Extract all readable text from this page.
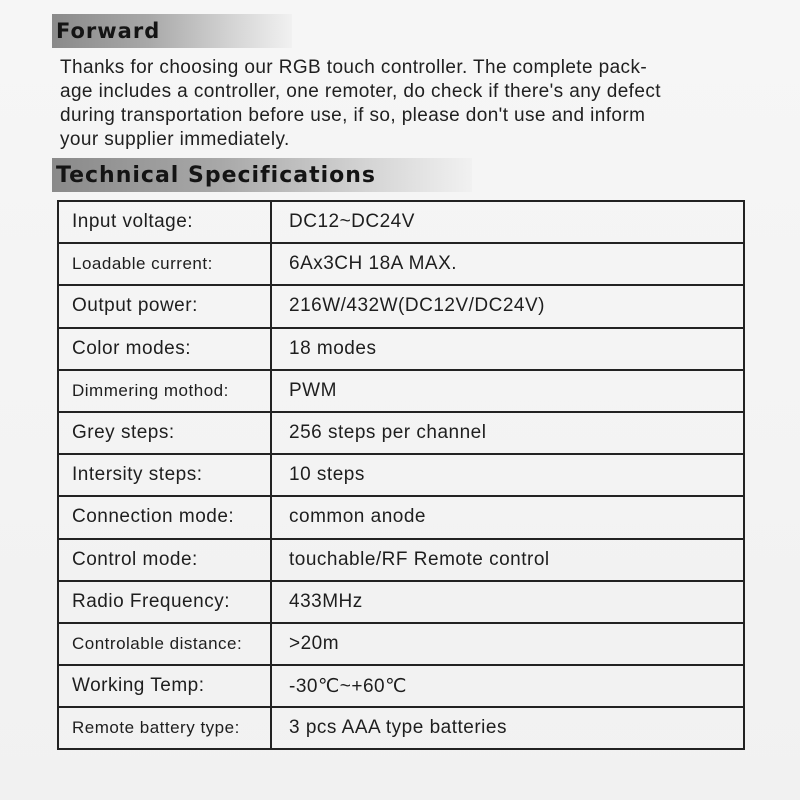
Forward
Thanks for choosing our RGB touch controller. The complete pack-
age includes a controller, one remoter, do check if there's any defect
during transportation before use, if so, please don't use and inform
your supplier immediately.
Technical Specifications
Input voltage:	DC12~DC24V
Loadable current:	6Ax3CH 18A MAX.
Output power:	216W/432W(DC12V/DC24V)
Color modes:	18 modes
Dimmering mothod:	PWM
Grey steps:	256 steps per channel
Intersity steps:	10 steps
Connection mode:	common anode
Control mode:	touchable/RF Remote control
Radio Frequency:	433MHz
Controlable distance:	>20m
Working Temp:	-30℃~+60℃
Remote battery type:	3 pcs AAA type batteries
